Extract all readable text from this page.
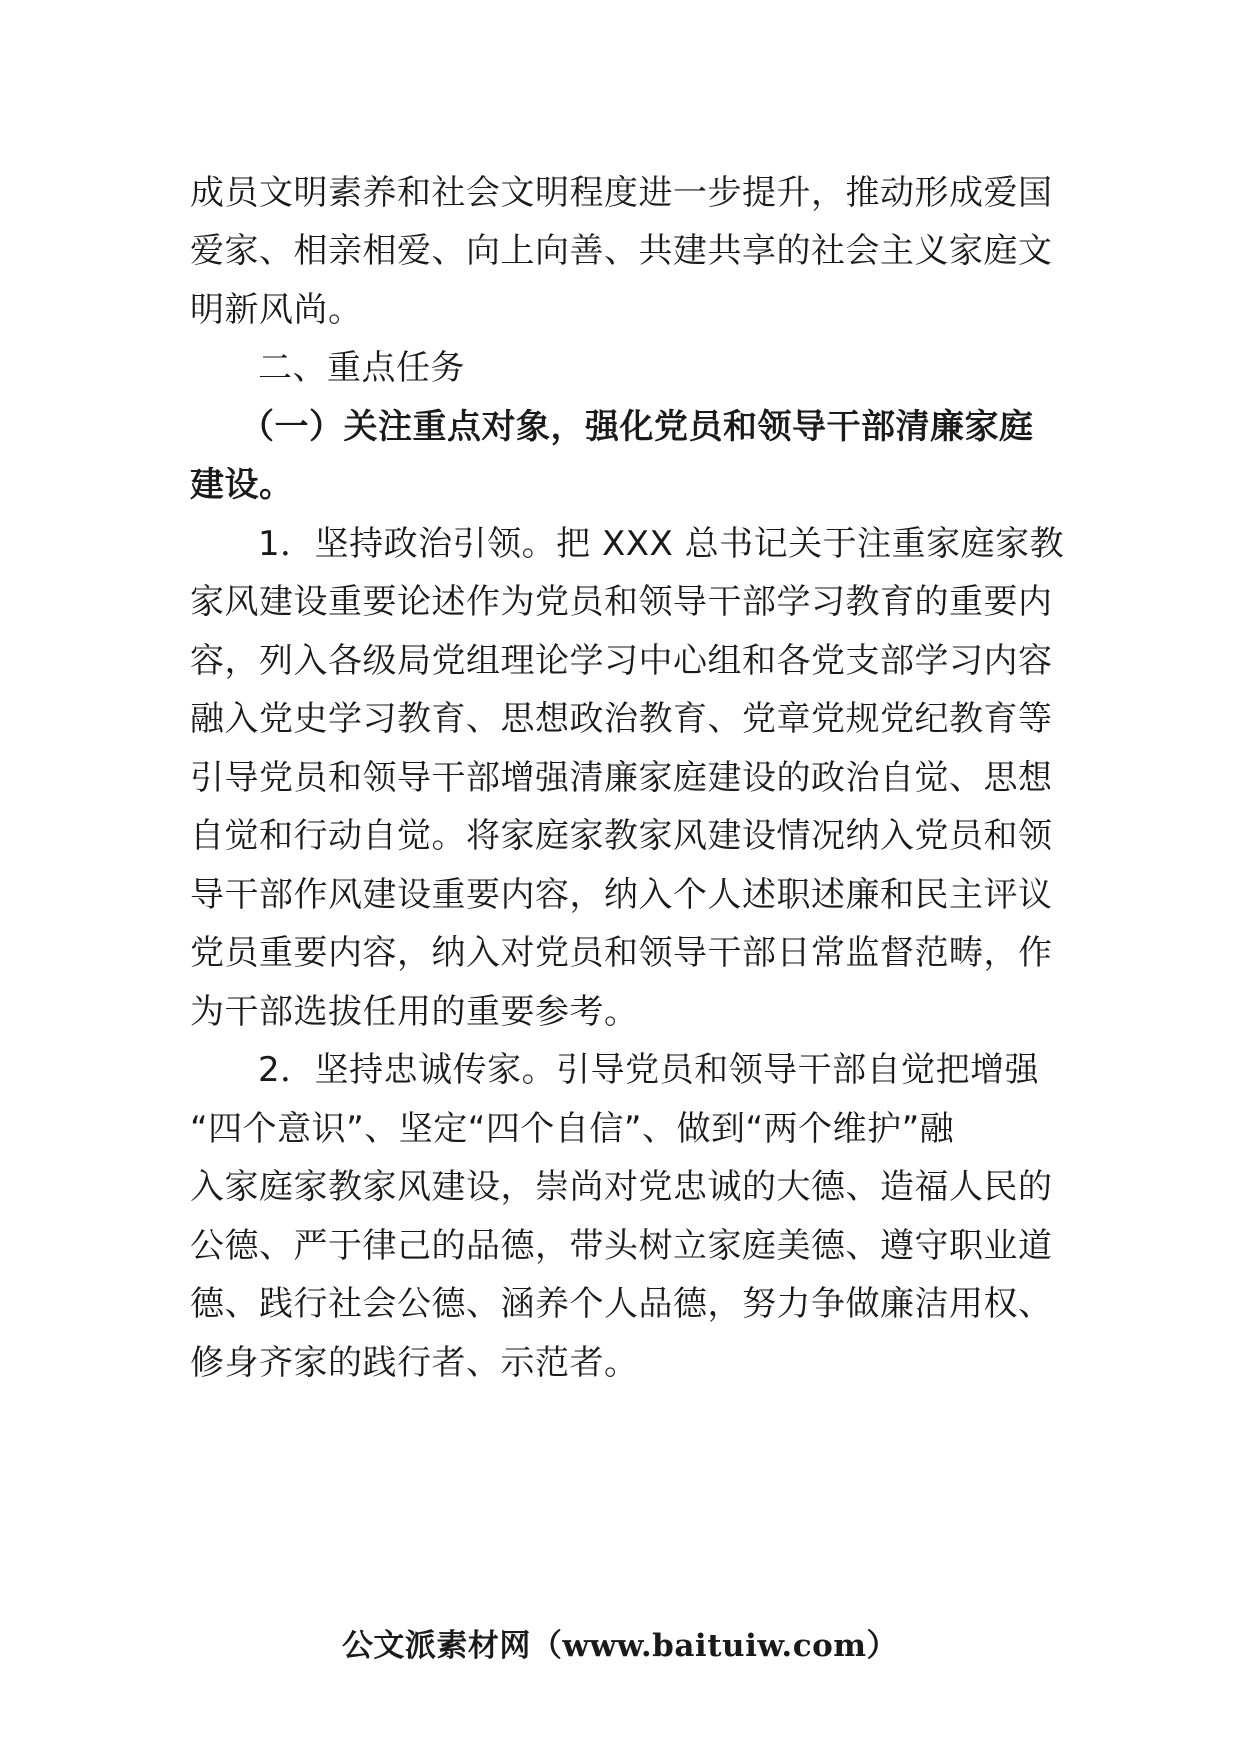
成员文明素养和社会文明程度进一步提升，推动形成爱国
爱家、相亲相爱、向上向善、共建共享的社会主义家庭文
明新风尚。
二、重点任务
（一）关注重点对象，强化党员和领导干部清廉家庭
建设。
1．坚持政治引领。把 XXX 总书记关于注重家庭家教
家风建设重要论述作为党员和领导干部学习教育的重要内
容，列入各级局党组理论学习中心组和各党支部学习内容
融入党史学习教育、思想政治教育、党章党规党纪教育等
引导党员和领导干部增强清廉家庭建设的政治自觉、思想
自觉和行动自觉。将家庭家教家风建设情况纳入党员和领
导干部作风建设重要内容，纳入个人述职述廉和民主评议
党员重要内容，纳入对党员和领导干部日常监督范畴，作
为干部选拔任用的重要参考。
2．坚持忠诚传家。引导党员和领导干部自觉把增强
“四个意识”、坚定“四个自信”、做到“两个维护”融
入家庭家教家风建设，崇尚对党忠诚的大德、造福人民的
公德、严于律己的品德，带头树立家庭美德、遵守职业道
德、践行社会公德、涵养个人品德，努力争做廉洁用权、
修身齐家的践行者、示范者。
公文派素材网（www.baituiw.com）
